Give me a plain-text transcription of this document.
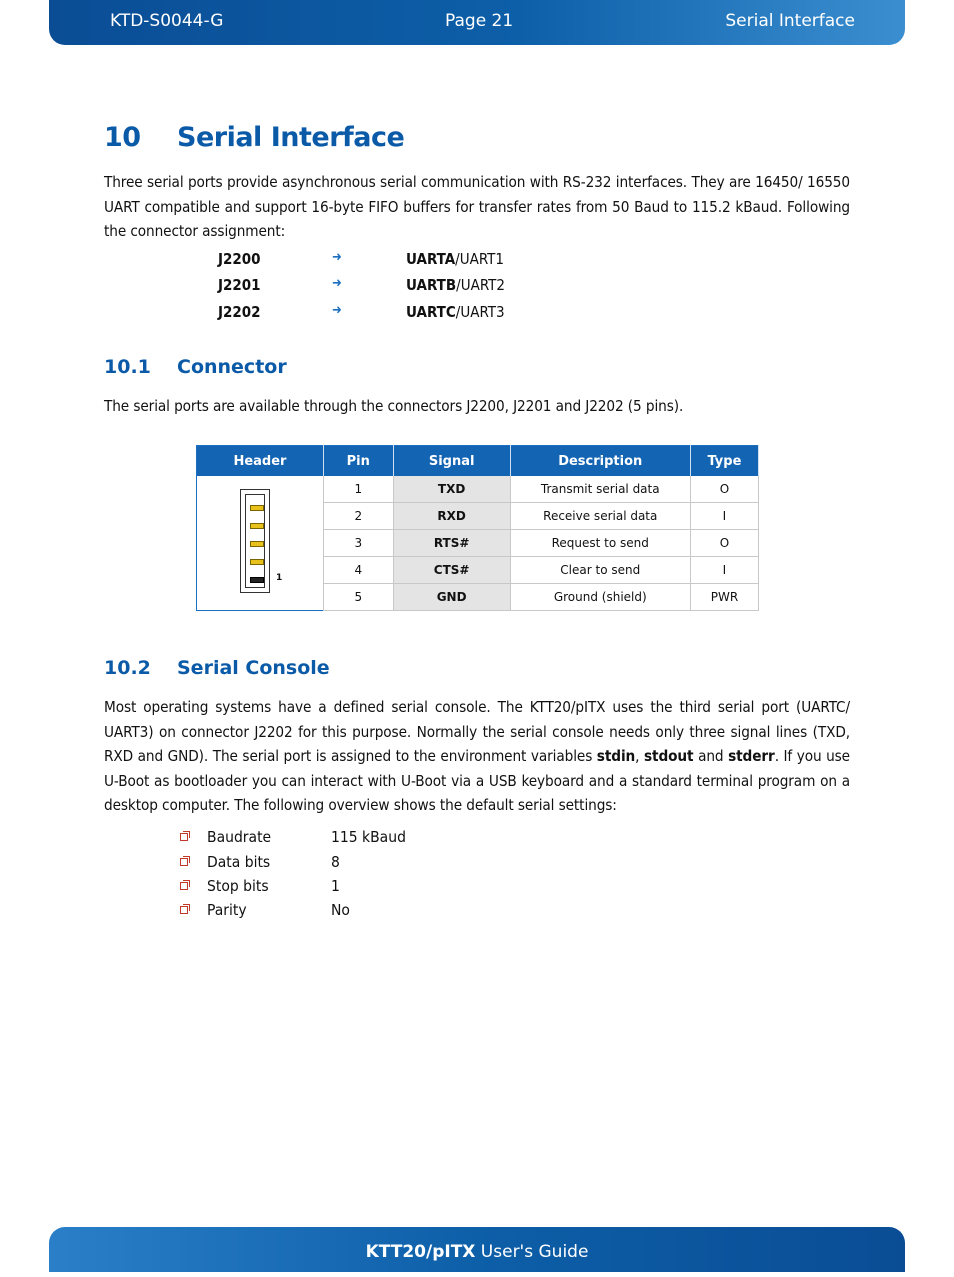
KTD-S0044-G	Page 21	Serial Interface
10 Serial Interface
Three serial ports provide asynchronous serial communication with RS-232 interfaces. They are 16450/ 16550 UART compatible and support 16-byte FIFO buffers for transfer rates from 50 Baud to 115.2 kBaud. Following the connector assignment:
J2200	➜	UARTA/UART1
J2201	➜	UARTB/UART2
J2202	➜	UARTC/UART3
10.1 Connector
The serial ports are available through the connectors J2200, J2201 and J2202 (5 pins).
Header	Pin	Signal	Description	Type

1	1	TXD	Transmit serial data	O
	2	RXD	Receive serial data	I
	3	RTS#	Request to send	O
	4	CTS#	Clear to send	I
	5	GND	Ground (shield)	PWR
10.2 Serial Console
Most operating systems have a defined serial console. The KTT20/pITX uses the third serial port (UARTC/ UART3) on connector J2202 for this purpose. Normally the serial console needs only three signal lines (TXD, RXD and GND). The serial port is assigned to the environment variables stdin, stdout and stderr. If you use U-Boot as bootloader you can interact with U-Boot via a USB keyboard and a standard terminal program on a desktop computer. The following overview shows the default serial settings:
Baudrate	115 kBaud
Data bits	8
Stop bits	1
Parity	No
KTT20/pITX User's Guide
